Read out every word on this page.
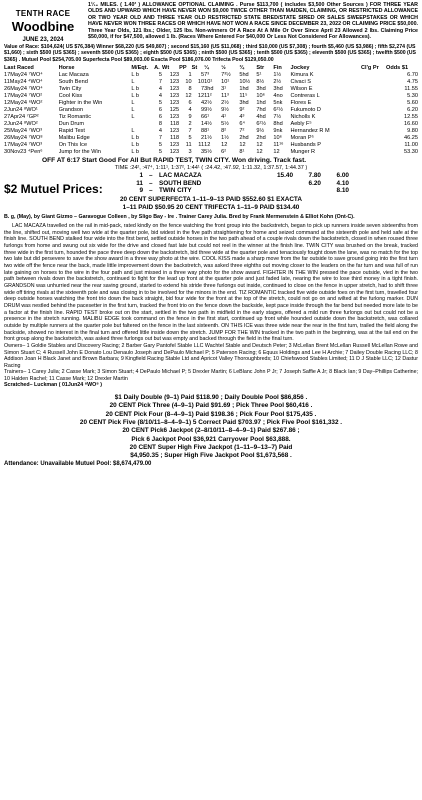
TENTH RACE
Woodbine
JUNE 23, 2024
1¹⁄₁₆ MILES. ( 1.40³ ) ALLOWANCE OPTIONAL CLAIMING . Purse $113,700 ( includes $3,500 Other Sources ) FOR THREE YEAR OLDS AND UPWARD WHICH HAVE NEVER WON $9,000 TWICE OTHER THAN MAIDEN, CLAIMING, OR RESTRICTED ALLOWANCE OR TWO YEAR OLD AND THREE YEAR OLD RESTRICTED STATE BRED/STATE SIRED OR SALES SWEEPSTAKES OR WHICH HAVE NEVER WON THREE RACES OR WHICH HAVE NOT WON A RACE SINCE DECEMBER 23, 2022 OR CLAIMING PRICE $50,000. Three Year Olds, 121 lbs.; Older, 125 lbs. Non-winners Of A Race At A Mile Or Over Since April 23 Allowed 2 lbs. Claiming Price $50,000, if for $47,500, allowed 1 lb. (Races Where Entered For $40,000 Or Less Not Considered For Allowances).
Value of Race: $104,624( US $76,384) Winner $68,220 (US $49,807) ; second $15,160 (US $11,068) ; third $10,000 (US $7,308) ; fourth $5,460 (US $3,986) ; fifth $2,274 (US $1,660) ; sixth $500 (US $365) ; seventh $500 (US $365) ; eighth $500 (US $365) ; ninth $500 (US $365) ; tenth $500 (US $365) ; eleventh $500 (US $365) ; twelfth $500 (US $365) . Mutuel Pool $254,705.00 Superfecta Pool $89,003.00 Exacta Pool $186,076.00 Trifecta Pool $129,050.00
Last Raced	Horse	M/Eqt.	A.	Wt	PP	St	¼	½	¾	Str	Fin	Jockey	Cl'g Pr	Odds $1
17May24 ⁷WO⁴	Lac Macaza	L b	5	123	1	5	7³	7³½	5hd	5¹	1½	Kimura K		6.70
11May24 ⁴WO⁴	South Bend	L	7	123	10	10	10¹	10¹	10½	8½	2½	Civaci S		4.75
26May24 ⁷WO⁴	Twin City	L b	4	123	8	7	3hd	3¹	1hd	3hd	3hd	Wilson E		11.55
17May24 ⁷WO²	Cool Kiss	L b	4	123	12	12	11²	11³	11⁵	10⁶	4no	Contreras L		5.30
12May24 ⁶WO²	Fighter in the Win	L	5	123	6	4	2½	2½	3hd	1hd	5nk	Flores E		5.60
2Jun24 ⁸WO¹	Grandson	L	6	125	4	9	9½	9½	9²	7hd	6²½	Fukumoto D		6.20
27Apr24 ⁷GP²	Tiz Romantic	L	6	123	9	6	6¹	4¹	4³	4hd	7½	Nicholls K		12.55
2Jun24 ⁸WO²	Dun Drum		8	118	2	1	4½	5½	6⁴	6²½	8hd	Aebly F⁵		16.60
25May24 ⁷WO³	Rapid Test	L	4	123	7	8	8¹	8²	7²	9½	9nk	Hernandez R M		9.80
26May24 ⁷WO⁸	Malibu Edge	L b	7	118	5	2	1½	1½	2hd	2hd	10⁶	Moran P⁵		46.25
17May24 ⁷WO³	On This Ice	L b	5	123	11	11	12	12	12	12	11¹⁶	Husbands P		11.00
30Nov23 ⁴Pen⁶	Jump for the Win	L b	5	123	3	3	5½	6²	8¹	12	12	Munger R		53.30
OFF AT 6:17 Start Good For All But RAPID TEST, TWIN CITY. Won driving. Track fast.
TIME :24², :47⁴, 1:11¹, 1:37², 1:44¹ ( :24.42, :47.92, 1:11.32, 1:37.57, 1:44.37 )
$2 Mutuel Prices:
1	–	LAC MACAZA	15.40	7.80	6.00
11	–	SOUTH BEND		6.20	4.10
9	–	TWIN CITY			8.10
20 CENT SUPERFECTA 1–11–9–13 PAID $552.60 $1 EXACTA
1–11 PAID $50.95 20 CENT TRIFECTA 1–11–9 PAID $134.40
B. g, (May), by Giant Gizmo – Garavogue Colleen , by Sligo Bay - Ire . Trainer Carey Julia. Bred by Frank Mermenstein & Elliot Kohn (Ont-C).
LAC MACAZA travelled on the rail in mid-pack, rated kindly on the fence watching the front group into the backstretch, began to pick up runners inside seven sixteenths from the line, shifted out, moving well two wide at the quarter pole, bid widest in the five path straightening for home and seized command at the sixteenth pole and held safe at the finish line. SOUTH BEND stalked four wide into the first bend, settled outside horses in the two path ahead of a couple rivals down the backstretch, closed in when roused three furlongs from home and swung out six wide for the drive and closed fast late but could not reel in the winner at the finish line. TWIN CITY was brushed on the break, tracked three wide in the first turn, hounded the pace three deep down the backstretch, bid three wide at the quarter pole and tenaciously fought down the lane, was no match for the top two late but did persevere to save the show award in a three way photo at the wire. COOL KISS made a sharp move from the far outside to save ground going into the first turn two wide off the fence near the back, made little improvement down the backstretch, was asked three eighths out moving closer to the leaders on the far turn and was full of run late gaining on horses to the wire in the four path and just missed in a three way photo for the show award. FIGHTER IN THE WIN pressed the pace outside, vied in the two path between rivals down the backstretch, continued to fight for the lead up front at the quarter pole and just faded late, nearing the wire to lose third money in a tight finish. GRANDSON was unhurried near the rear saving ground, started to extend his stride three furlongs out inside, continued to close on the fence in upper stretch, had to shift three wide off tiring rivals at the sixteenth pole and was closing in to be involved for the minors in the end. TIZ ROMANTIC tracked five wide outside foes on the first turn, travelled four deep outside horses watching the front trio down the back straight, bid four wide for the front at the top of the stretch, could not go on and wilted at the furlong marker. DUN DRUM was nestled behind the pacesetter in the first turn, tracked the front trio on the fence down the backside, kept pace inside through the far bend but needed more late to be a factor at the finish line. RAPID TEST broke out on the start, settled in the two path in midfield in the early stages, offered a mild run three furlongs out but could not be a presence in the stretch running. MALIBU EDGE took command on the fence in the first start, continued up front while hounded outside down the backstretch, was collared outside by multiple runners at the quarter pole but faltered on the fence in the last sixteenth. ON THIS ICE was three wide near the rear in the first turn, trailed the field along the backside, showed no interest in the final turn and offered little inside down the stretch. JUMP FOR THE WIN tracked in the two path in the beginning, was at the tail end on the front group along the backstretch, was asked three furlongs out but was empty and backed through the field in the final turn.
Owners– 1 Goldie Stables and Discovery Racing; 2 Barber Gary Pantofel Stable LLC Wachtel Stable and Deutsch Peter; 3 McLellan Brent McLellan Russell McLellan Rowe and Simon Stuart C; 4 Russell John E Donato Lou Denaulo Joseph and DePaulo Michael P; 5 Paterson Racing; 6 Equus Holdings and Lee H Archie; 7 Dailey Double Racing LLC; 8 Addison Joan H Black Janet and Brown Barbara; 9 Kingfield Racing Stable Ltd and Apricot Valley Thoroughbreds; 10 Chiefswood Stables Limited; 11 D J Stable LLC; 12 Dastur Racing
Trainers– 1 Carey Julia; 2 Casse Mark; 3 Simon Stuart; 4 DePaulo Michael P; 5 Drexler Martin; 6 LeBlanc John P Jr; 7 Joseph Saffie A Jr; 8 Black Ian; 9 Day–Phillips Catherine; 10 Halden Rachel; 11 Casse Mark; 12 Drexler Martin
Scratched– Luckman ( 01Jun24 ⁸WO⁸ )
$1 Daily Double (9–1) Paid $118.90 ; Daily Double Pool $86,856 .
20 CENT Pick Three (4–9–1) Paid $91.69 ; Pick Three Pool $60,416 .
20 CENT Pick Four (8–4–9–1) Paid $198.36 ; Pick Four Pool $175,435 .
20 CENT Pick Five (8/10/11–8–4–9–1) 5 Correct Paid $703.97 ; Pick Five Pool $161,332 .
20 CENT Pick6 Jackpot (2–8/10/11–8–4–9–1) Paid $267.86 ;
Pick 6 Jackpot Pool $36,921 Carryover Pool $63,888.
20 CENT Super High Five Jackpot (1–11–9–13–7) Paid
$4,950.35 ; Super High Five Jackpot Pool $1,673,568 .
Attendance: Unavailable Mutuel Pool: $8,674,479.00
